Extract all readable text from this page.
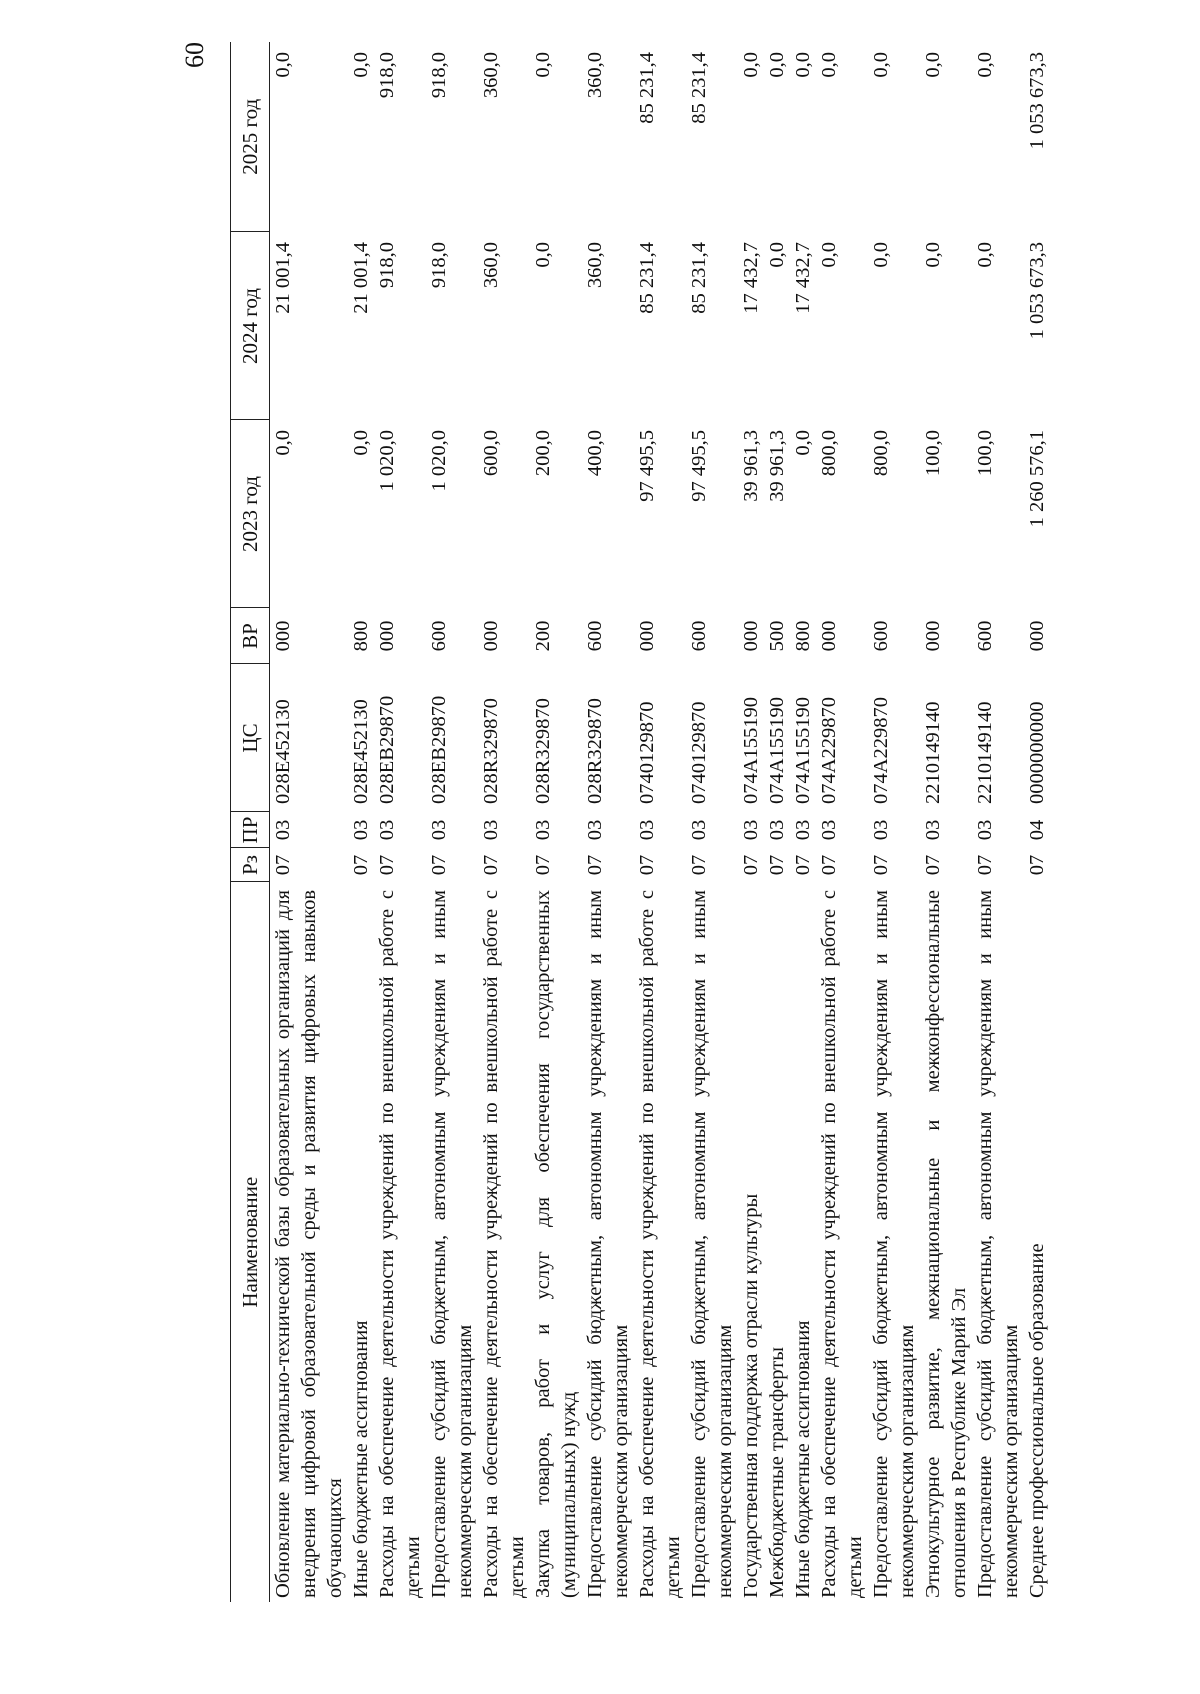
60
Наименование	Рз	ПР	ЦС	ВР	2023 год	2024 год	2025 год
Обновление материально-технической базы образовательных организаций для внедрения цифровой образовательной среды и развития цифровых навыков обучающихся	07	03	028E452130	000	0,0	21 001,4	0,0
Иные бюджетные ассигнования	07	03	028E452130	800	0,0	21 001,4	0,0
Расходы на обеспечение деятельности учреждений по внешкольной работе с детьми	07	03	028EB29870	000	1 020,0	918,0	918,0
Предоставление субсидий бюджетным, автономным учреждениям и иным некоммерческим организациям	07	03	028EB29870	600	1 020,0	918,0	918,0
Расходы на обеспечение деятельности учреждений по внешкольной работе с детьми	07	03	028R329870	000	600,0	360,0	360,0
Закупка товаров, работ и услуг для обеспечения государственных (муниципальных) нужд	07	03	028R329870	200	200,0	0,0	0,0
Предоставление субсидий бюджетным, автономным учреждениям и иным некоммерческим организациям	07	03	028R329870	600	400,0	360,0	360,0
Расходы на обеспечение деятельности учреждений по внешкольной работе с детьми	07	03	0740129870	000	97 495,5	85 231,4	85 231,4
Предоставление субсидий бюджетным, автономным учреждениям и иным некоммерческим организациям	07	03	0740129870	600	97 495,5	85 231,4	85 231,4
Государственная поддержка отрасли культуры	07	03	074A155190	000	39 961,3	17 432,7	0,0
Межбюджетные трансферты	07	03	074A155190	500	39 961,3	0,0	0,0
Иные бюджетные ассигнования	07	03	074A155190	800	0,0	17 432,7	0,0
Расходы на обеспечение деятельности учреждений по внешкольной работе с детьми	07	03	074A229870	000	800,0	0,0	0,0
Предоставление субсидий бюджетным, автономным учреждениям и иным некоммерческим организациям	07	03	074A229870	600	800,0	0,0	0,0
Этнокультурное развитие, межнациональные и межконфессиональные отношения в Республике Марий Эл	07	03	2210149140	000	100,0	0,0	0,0
Предоставление субсидий бюджетным, автономным учреждениям и иным некоммерческим организациям	07	03	2210149140	600	100,0	0,0	0,0
Среднее профессиональное образование	07	04	0000000000	000	1 260 576,1	1 053 673,3	1 053 673,3
